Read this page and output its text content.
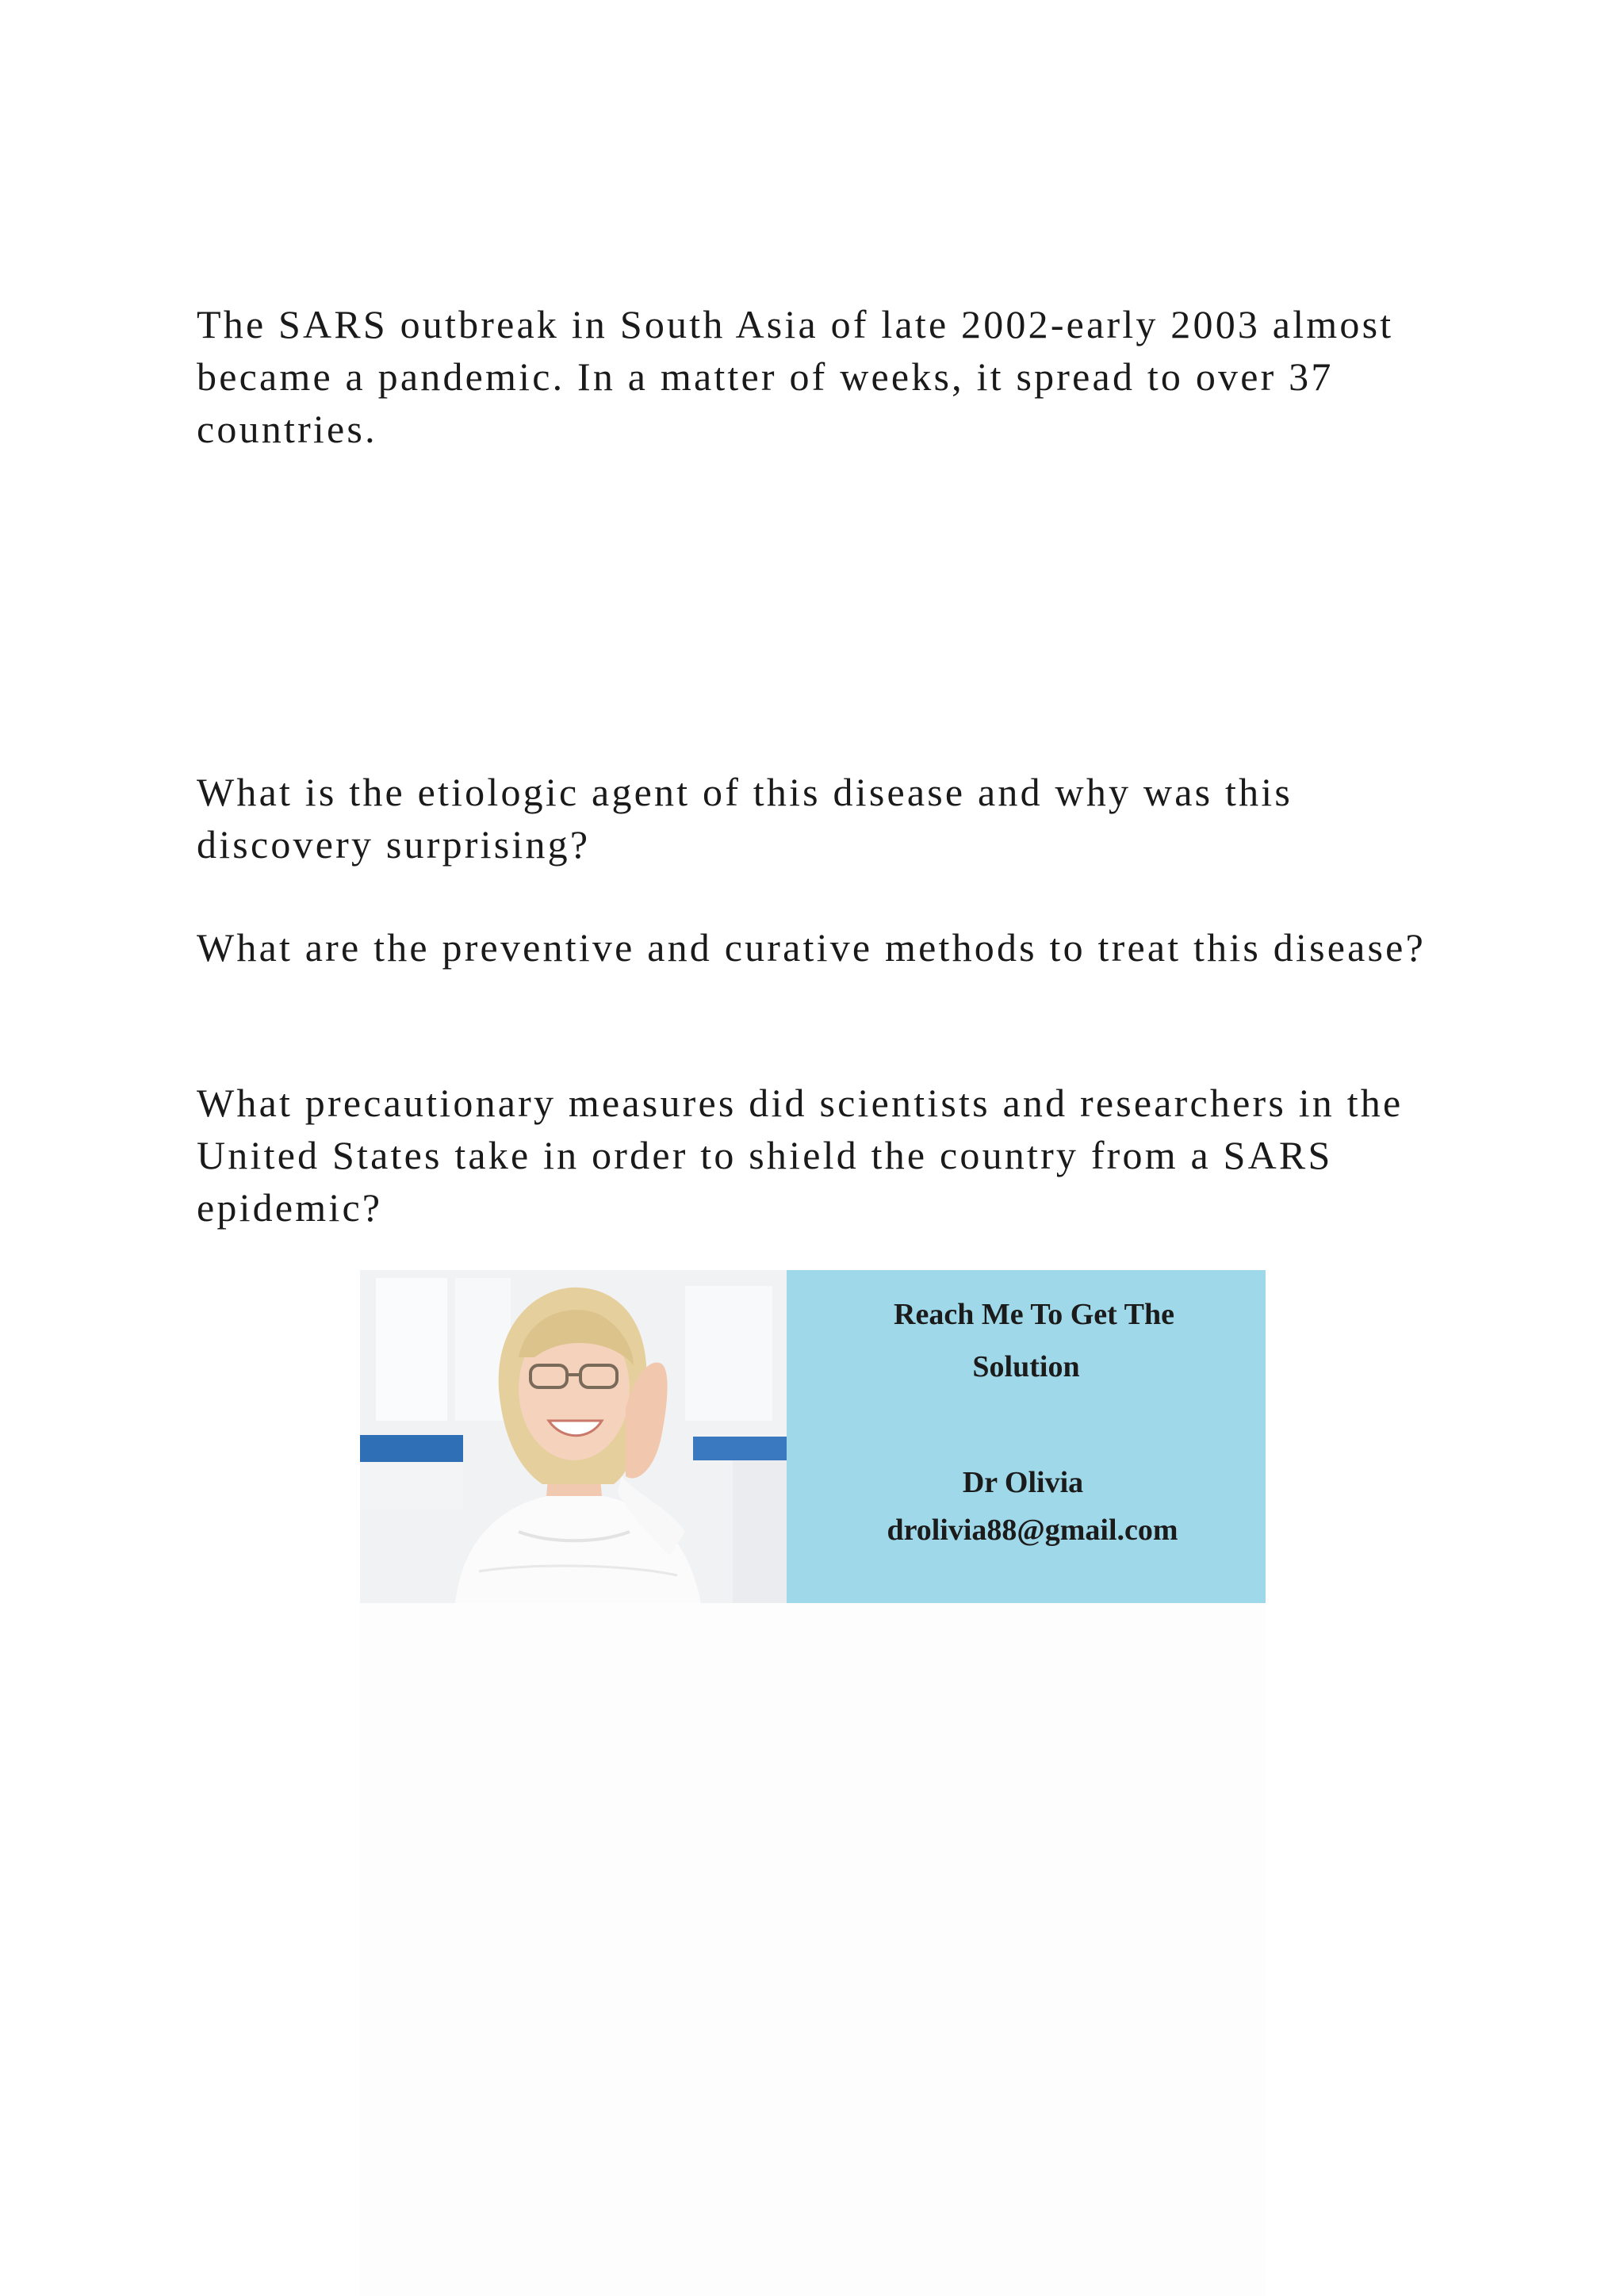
The SARS outbreak in South Asia of late 2002-early 2003 almost became a pandemic. In a matter of weeks, it spread to over 37 countries.

What is the etiologic agent of this disease and why was this discovery surprising?

What are the preventive and curative methods to treat this disease?

What precautionary measures did scientists and researchers in the United States take in order to shield the country from a SARS epidemic?

Reach Me To Get The
Solution
Dr Olivia
drolivia88@gmail.com
